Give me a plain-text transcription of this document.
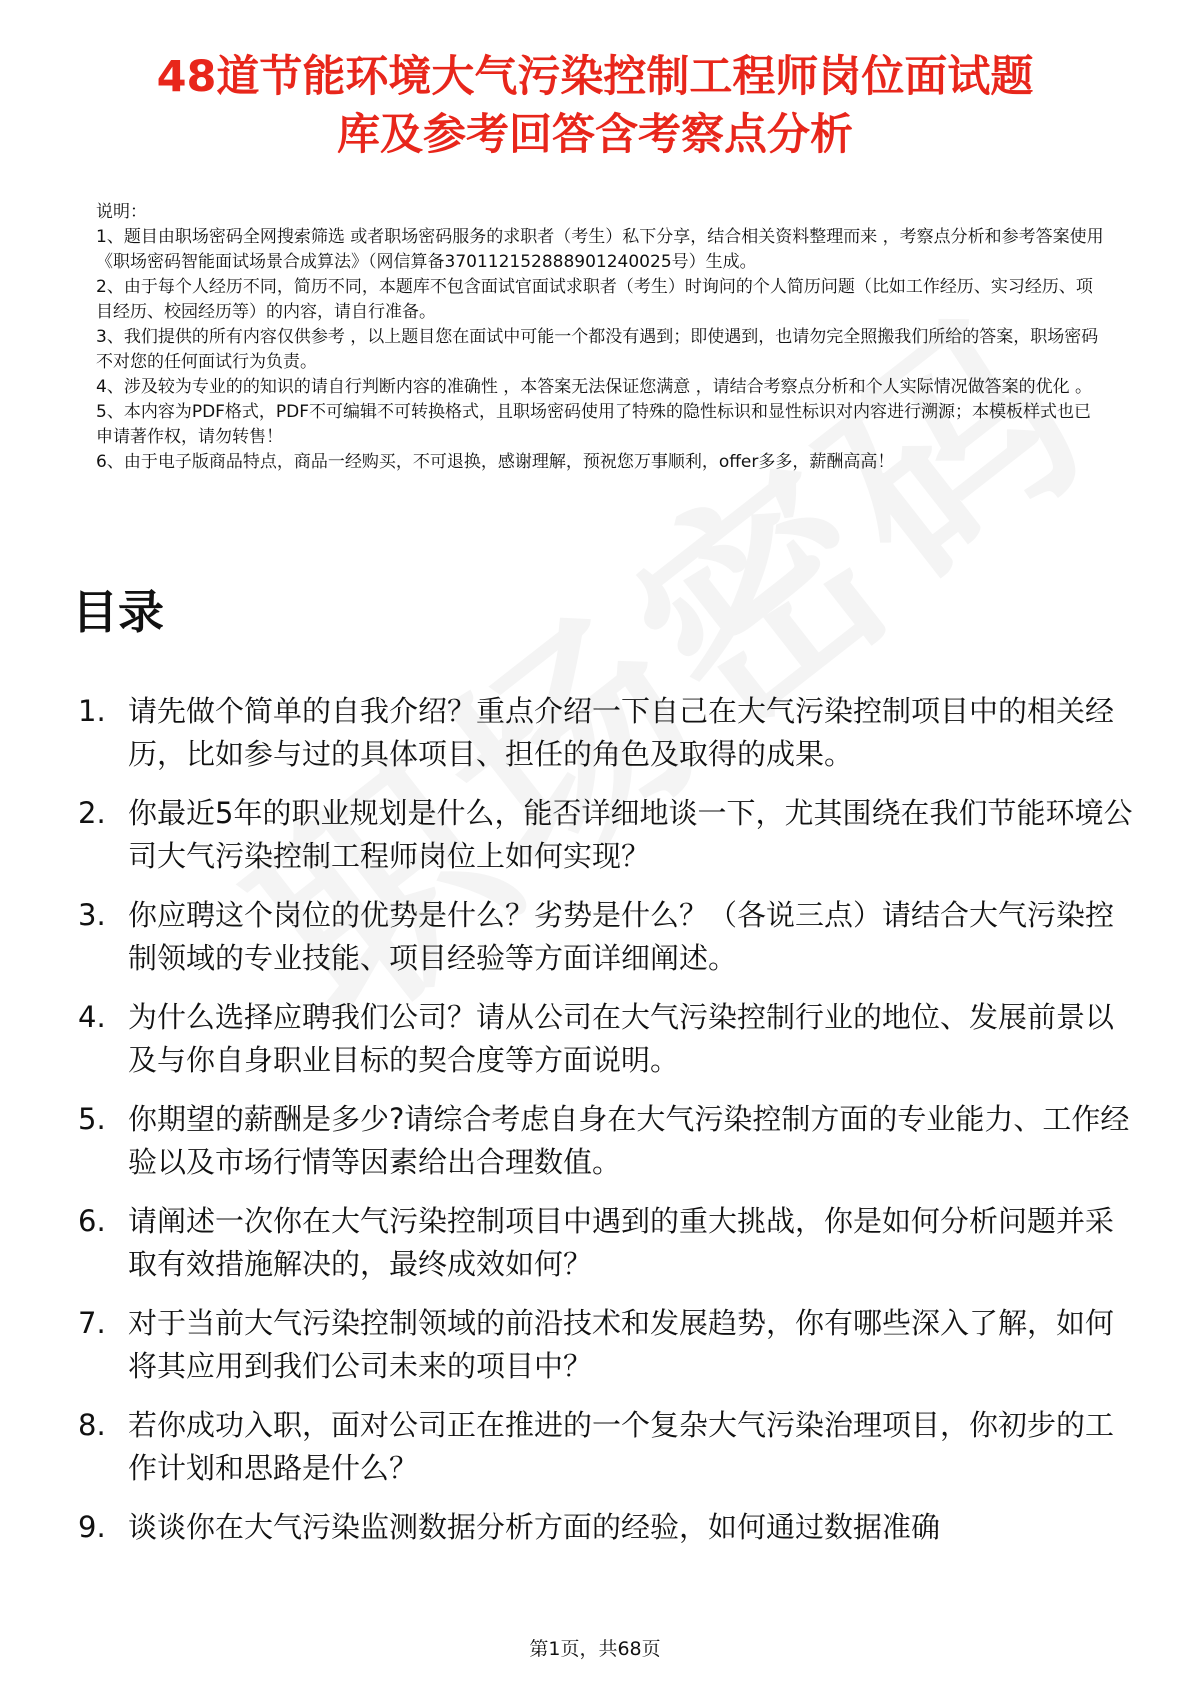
48道节能环境大气污染控制工程师岗位面试题
库及参考回答含考察点分析
说明：
1、题目由职场密码全网搜索筛选 或者职场密码服务的求职者（考生）私下分享，结合相关资料整理而来 ，考察点分析和参考答案使用《职场密码智能面试场景合成算法》（网信算备370112152888901240025号）生成。
2、由于每个人经历不同，简历不同，本题库不包含面试官面试求职者（考生）时询问的个人简历问题（比如工作经历、实习经历、项目经历、校园经历等）的内容，请自行准备。
3、我们提供的所有内容仅供参考 ，以上题目您在面试中可能一个都没有遇到；即使遇到，也请勿完全照搬我们所给的答案，职场密码不对您的任何面试行为负责。
4、涉及较为专业的的知识的请自行判断内容的准确性 ，本答案无法保证您满意 ，请结合考察点分析和个人实际情况做答案的优化 。
5、本内容为PDF格式，PDF不可编辑不可转换格式，且职场密码使用了特殊的隐性标识和显性标识对内容进行溯源；本模板样式也已申请著作权，请勿转售！
6、由于电子版商品特点，商品一经购买，不可退换，感谢理解，预祝您万事顺利，offer多多，薪酬高高！
目录
1. 请先做个简单的自我介绍？重点介绍一下自己在大气污染控制项目中的相关经历，比如参与过的具体项目、担任的角色及取得的成果。
2. 你最近5年的职业规划是什么，能否详细地谈一下，尤其围绕在我们节能环境公司大气污染控制工程师岗位上如何实现？
3. 你应聘这个岗位的优势是什么？劣势是什么？（各说三点）请结合大气污染控制领域的专业技能、项目经验等方面详细阐述。
4. 为什么选择应聘我们公司？请从公司在大气污染控制行业的地位、发展前景以及与你自身职业目标的契合度等方面说明。
5. 你期望的薪酬是多少?请综合考虑自身在大气污染控制方面的专业能力、工作经验以及市场行情等因素给出合理数值。
6. 请阐述一次你在大气污染控制项目中遇到的重大挑战，你是如何分析问题并采取有效措施解决的，最终成效如何？
7. 对于当前大气污染控制领域的前沿技术和发展趋势，你有哪些深入了解，如何将其应用到我们公司未来的项目中？
8. 若你成功入职，面对公司正在推进的一个复杂大气污染治理项目，你初步的工作计划和思路是什么？
9. 谈谈你在大气污染监测数据分析方面的经验，如何通过数据准确
第1页，共68页
